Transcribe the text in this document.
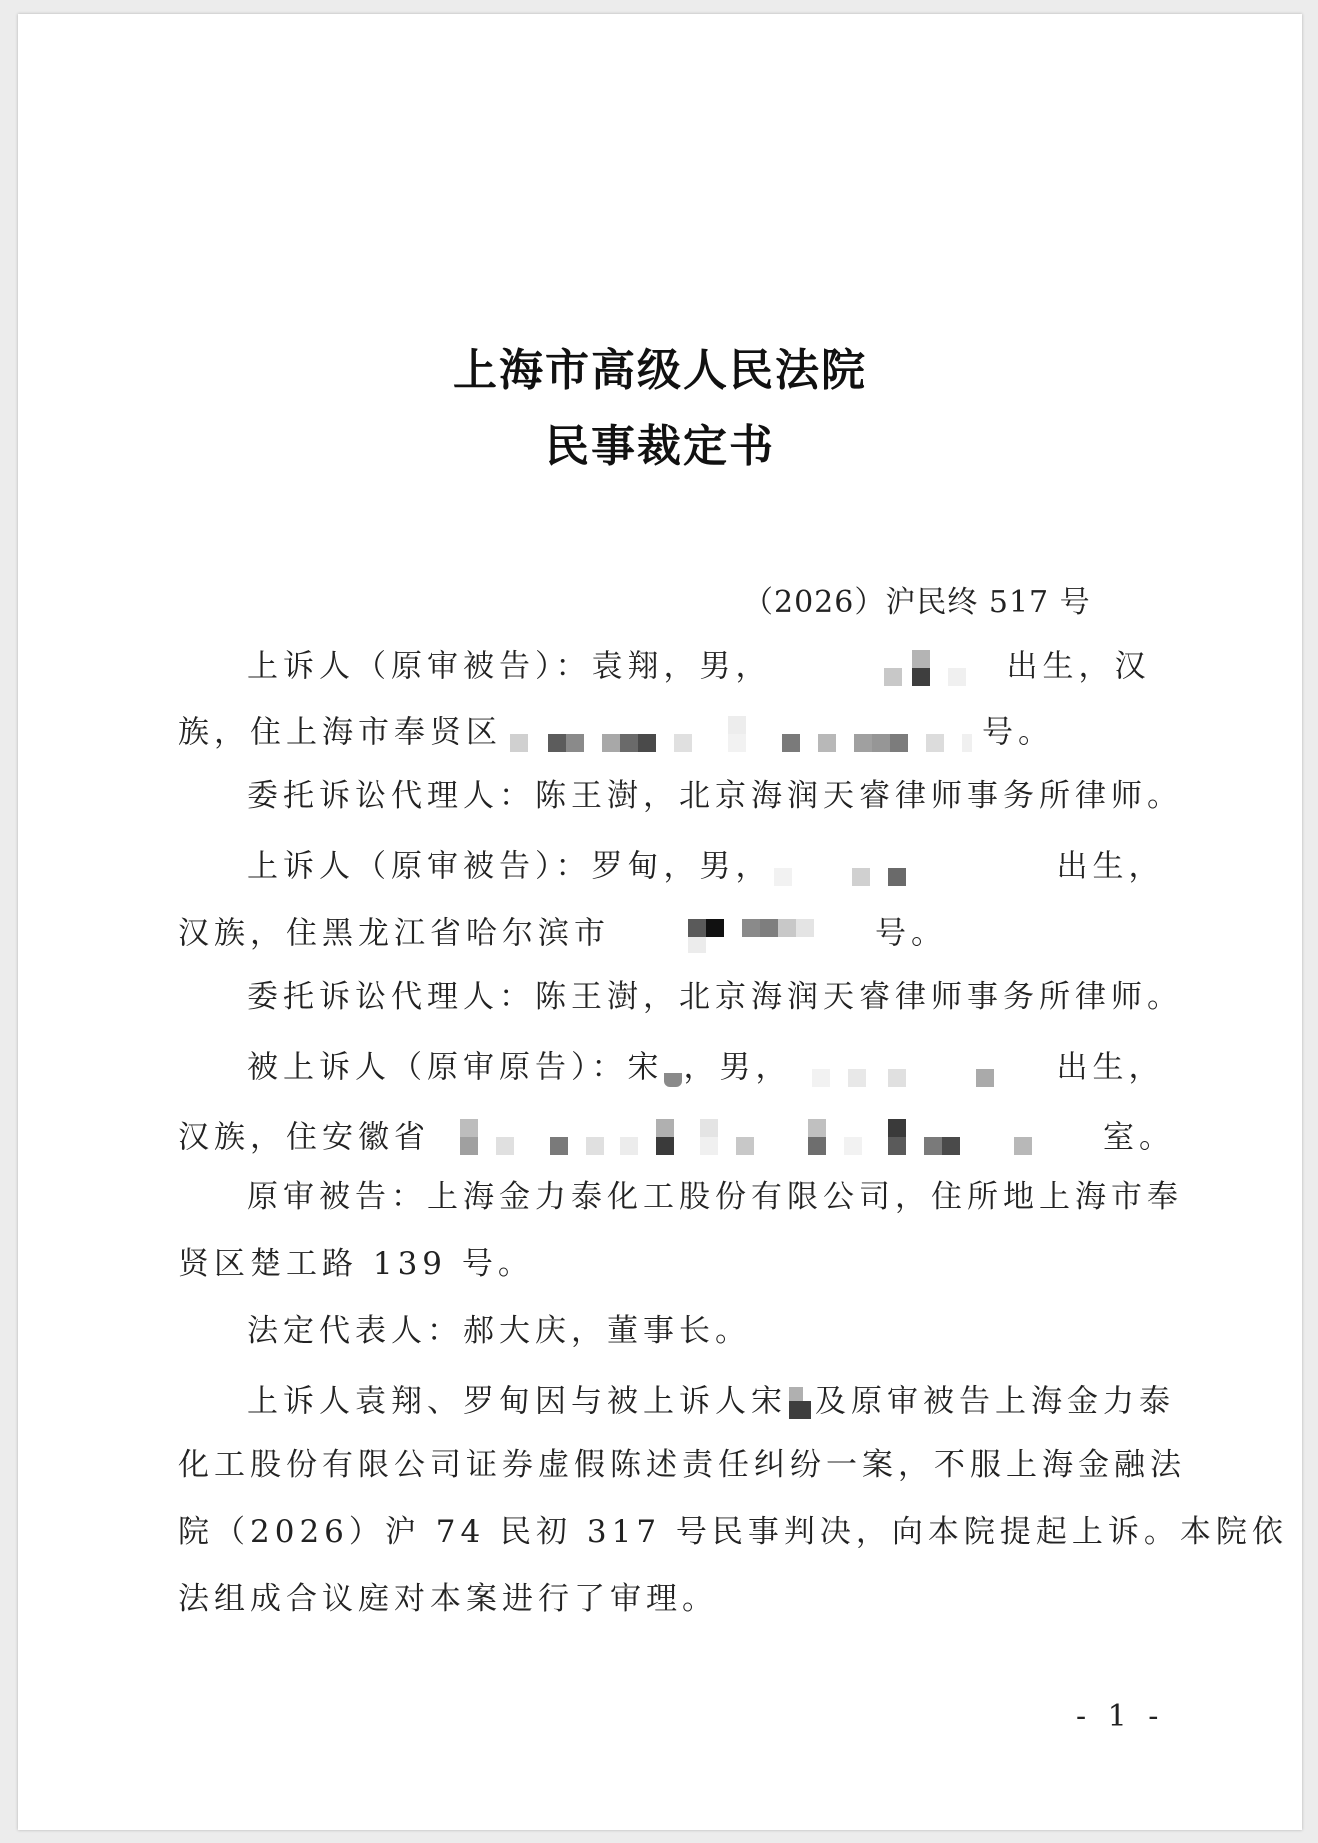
上海市高级人民法院
民事裁定书
（2026）沪民终 517 号
上诉人（原审被告）：袁翔，男，	出生，汉
族，住上海市奉贤区	号。
委托诉讼代理人：陈王澍，北京海润天睿律师事务所律师。
上诉人（原审被告）：罗甸，男，	出生，
汉族，住黑龙江省哈尔滨市	号。
委托诉讼代理人：陈王澍，北京海润天睿律师事务所律师。
被上诉人（原审原告）：宋 ，男，	出生，
汉族，住安徽省	室。
原审被告：上海金力泰化工股份有限公司，住所地上海市奉
贤区楚工路 139 号。
法定代表人：郝大庆，董事长。
上诉人袁翔、罗甸因与被上诉人宋 及原审被告上海金力泰
化工股份有限公司证券虚假陈述责任纠纷一案，不服上海金融法
院（2026）沪 74 民初 317 号民事判决，向本院提起上诉。本院依
法组成合议庭对本案进行了审理。
- 1 -
